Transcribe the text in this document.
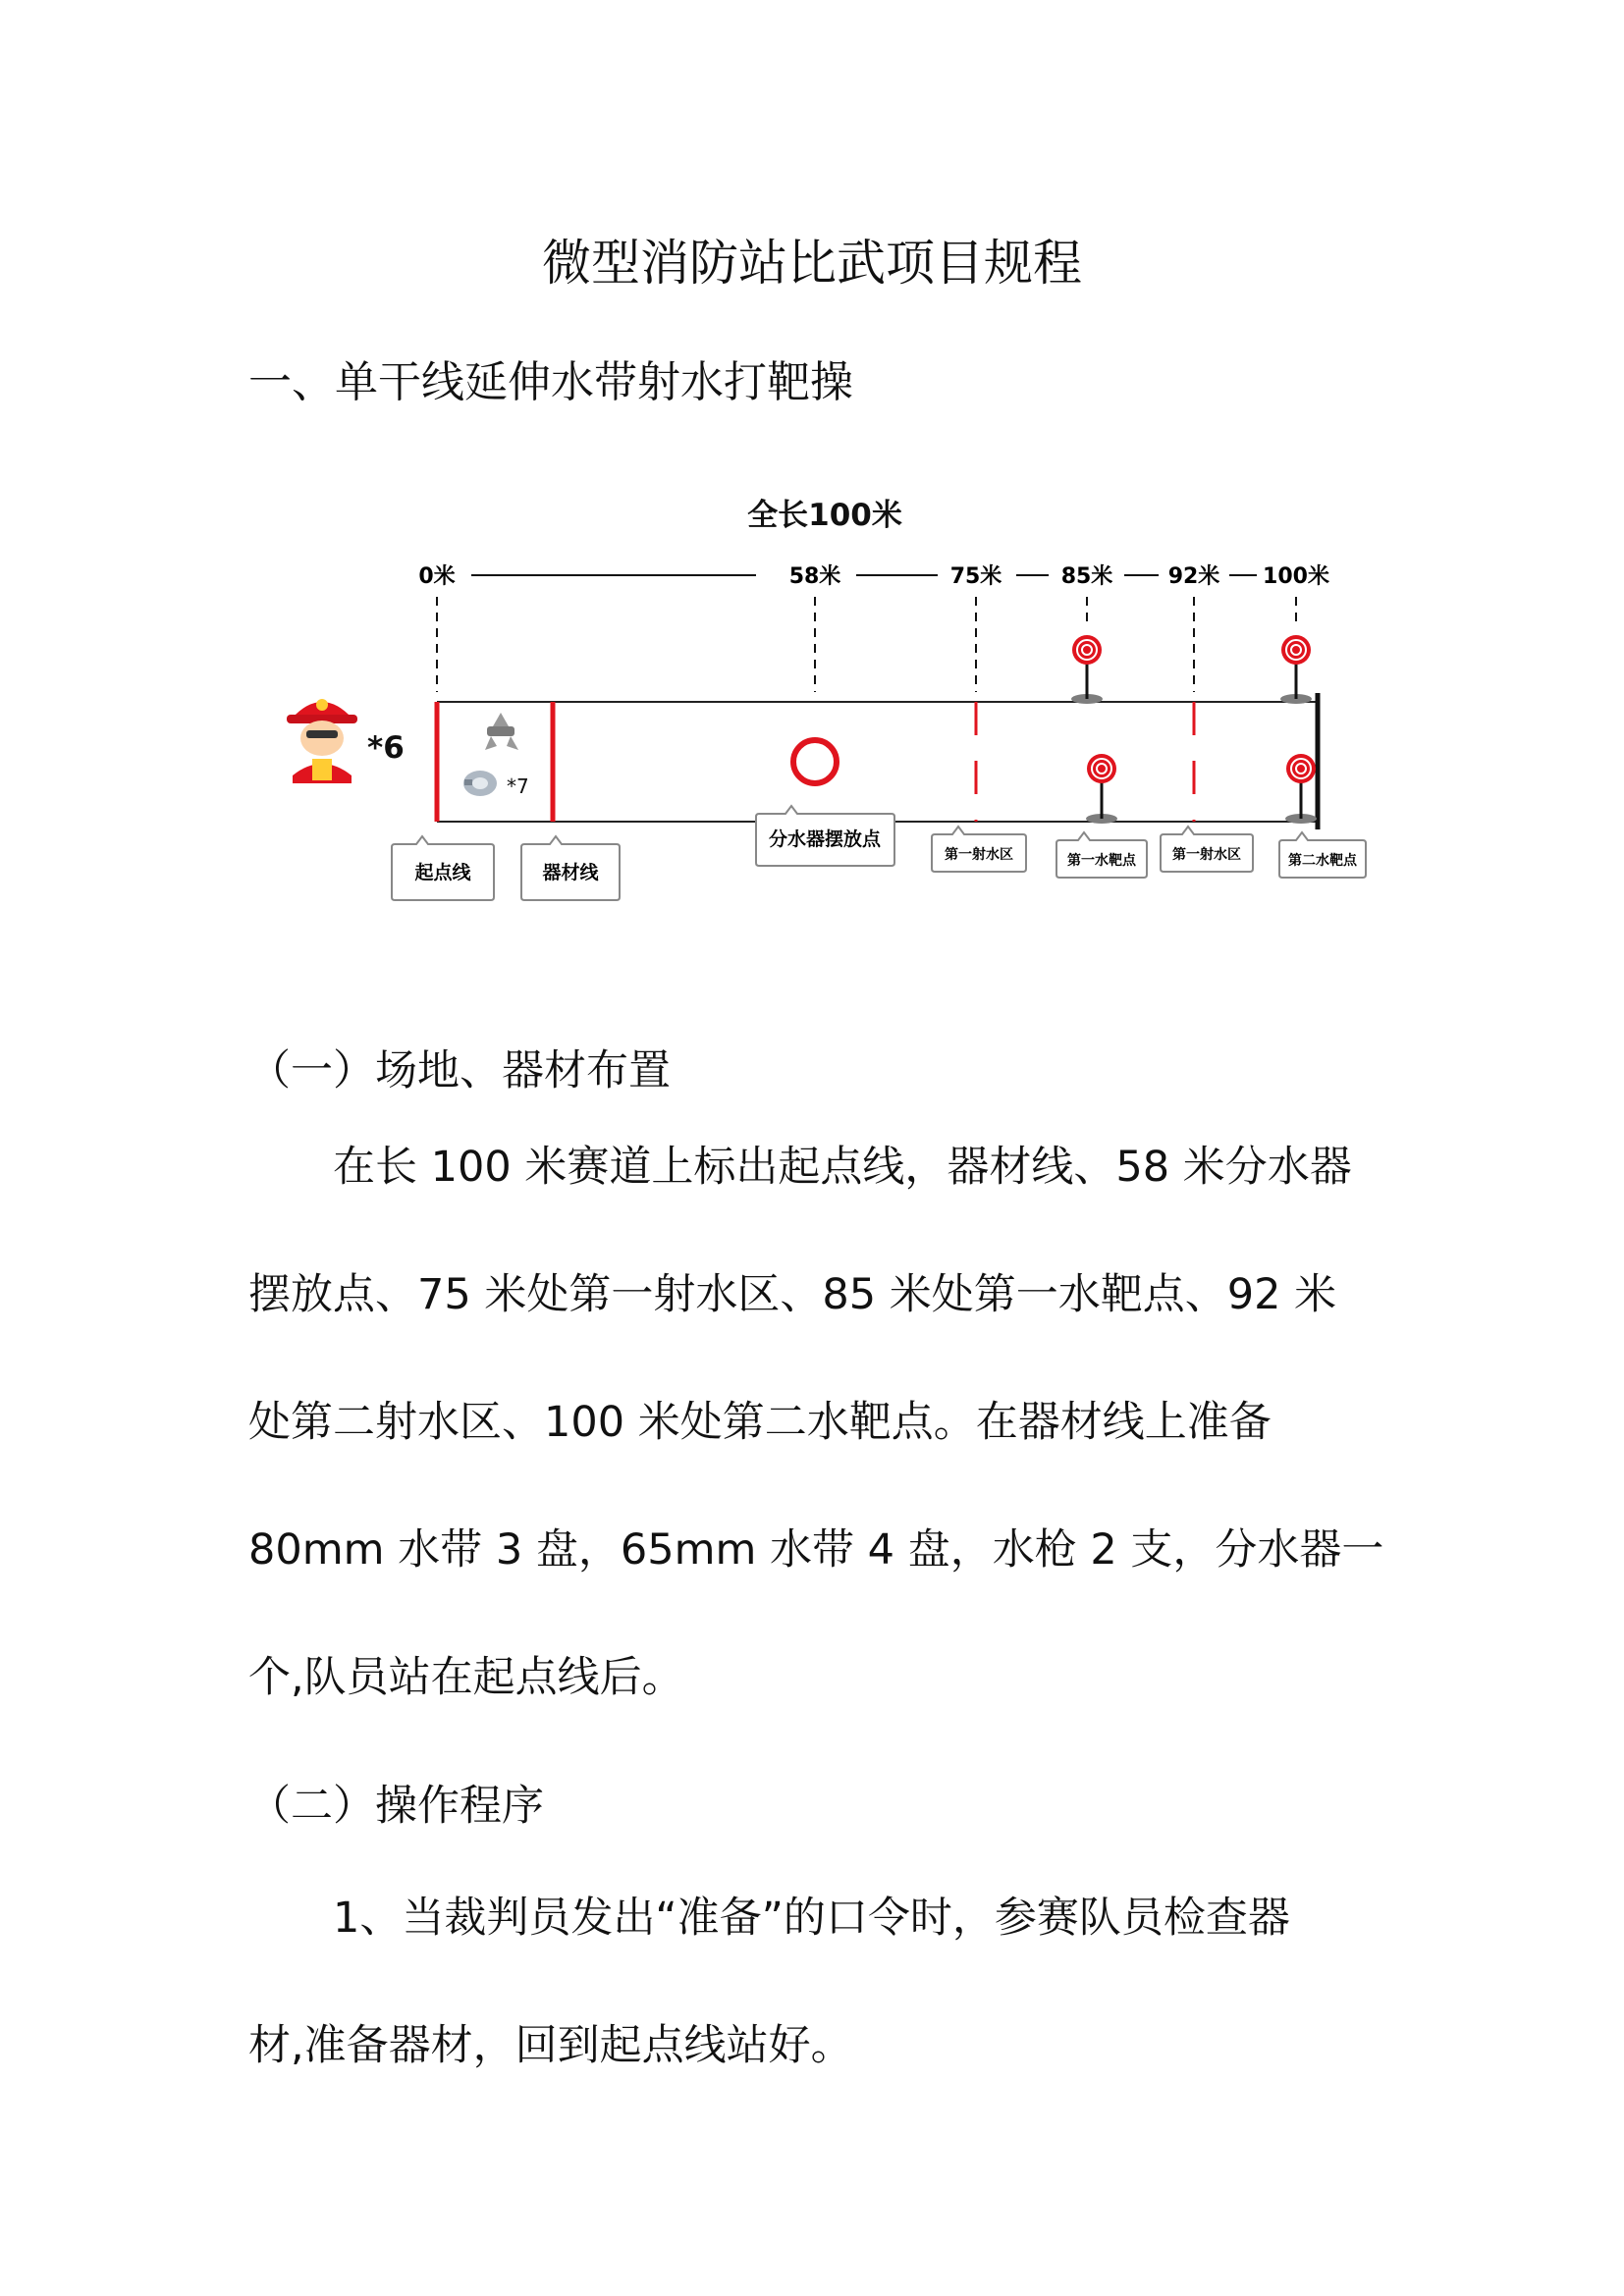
微型消防站比武项目规程
一、单干线延伸水带射水打靶操
全长100米
0米	58米	75米	85米	92米 100米
*6
*7
起点线	器材线
分水器摆放点
第一射水区	第一水靶点	第一射水区	第二水靶点
（一）场地、器材布置
在长 100 米赛道上标出起点线，器材线、58 米分水器
摆放点、75 米处第一射水区、85 米处第一水靶点、92 米
处第二射水区、100 米处第二水靶点。在器材线上准备
80mm 水带 3 盘，65mm 水带 4 盘，水枪 2 支，分水器一
个,队员站在起点线后。
（二）操作程序
1、当裁判员发出“准备”的口令时，参赛队员检查器
材,准备器材，回到起点线站好。
